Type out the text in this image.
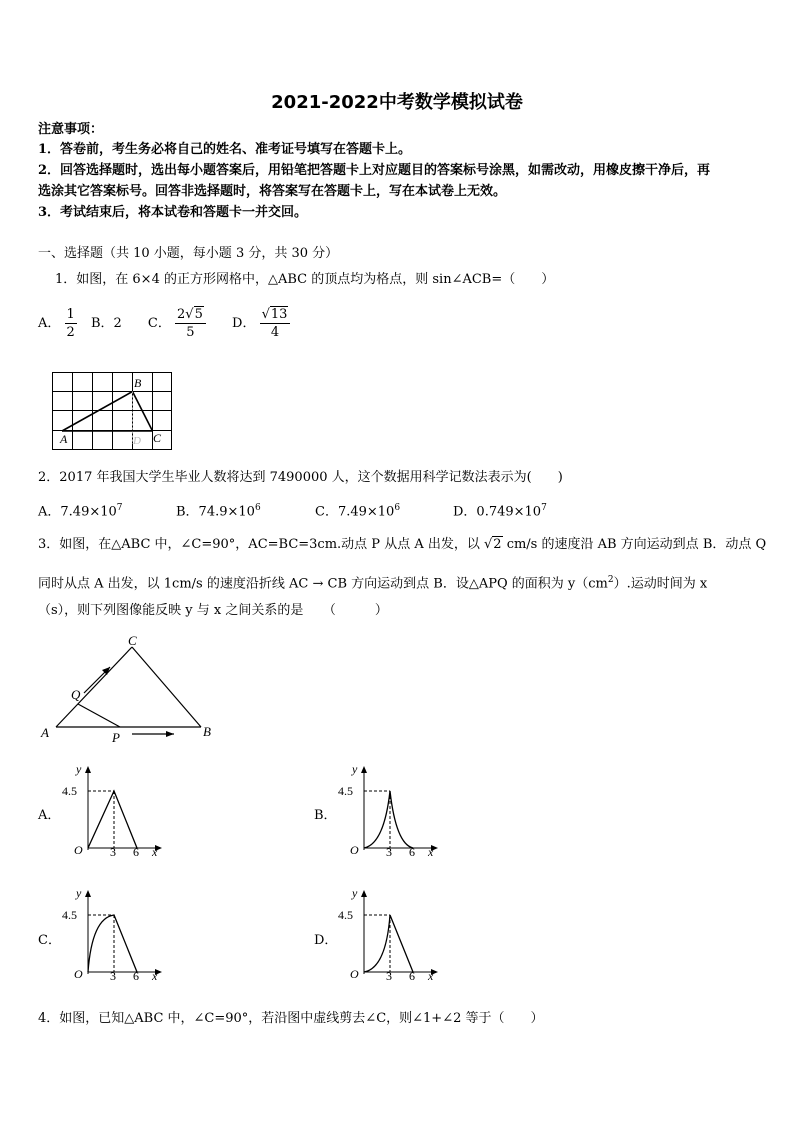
2021-2022中考数学模拟试卷
注意事项：
1．答卷前，考生务必将自己的姓名、准考证号填写在答题卡上。
2．回答选择题时，选出每小题答案后，用铅笔把答题卡上对应题目的答案标号涂黑，如需改动，用橡皮擦干净后，再
选涂其它答案标号。回答非选择题时，将答案写在答题卡上，写在本试卷上无效。
3．考试结束后，将本试卷和答题卡一并交回。
一、选择题（共 10 小题，每小题 3 分，共 30 分）
1．如图，在 6×4 的正方形网格中，△ABC 的顶点均为格点，则 sin∠ACB=（　　）
A． $\frac{1}{2}$ B．2 C． $\frac{2√5}{5}$ D． $\frac{√13}{4}$
B
A	C
D
2．2017 年我国大学生毕业人数将达到 7490000 人，这个数据用科学记数法表示为(　　)
A．$7.49\times 10^7$	B．$74.9\times 10^6$	C．$7.49\times 10^6$	D．$0.749\times 10^7$
3．如图，在△ABC 中，∠C=90°，AC=BC=3cm.动点 P 从点 A 出发，以 √2 cm/s 的速度沿 AB 方向运动到点 B．动点 Q
同时从点 A 出发，以 1cm/s 的速度沿折线 AC → CB 方向运动到点 B．设△APQ 的面积为 $y(cm^2)$.运动时间为 x
（s），则下列图像能反映 y 与 x 之间关系的是　　（　　　）
C
Q
A	P	B
A．	B．
C．	D．
y
4.5
O 3 6 x
y
4.5
O 3 6 x
y
4.5
O 3 6 x
y
4.5
O 3 6 x
4．如图，已知△ABC 中，∠C=90°，若沿图中虚线剪去∠C，则∠1+∠2 等于（　　）
